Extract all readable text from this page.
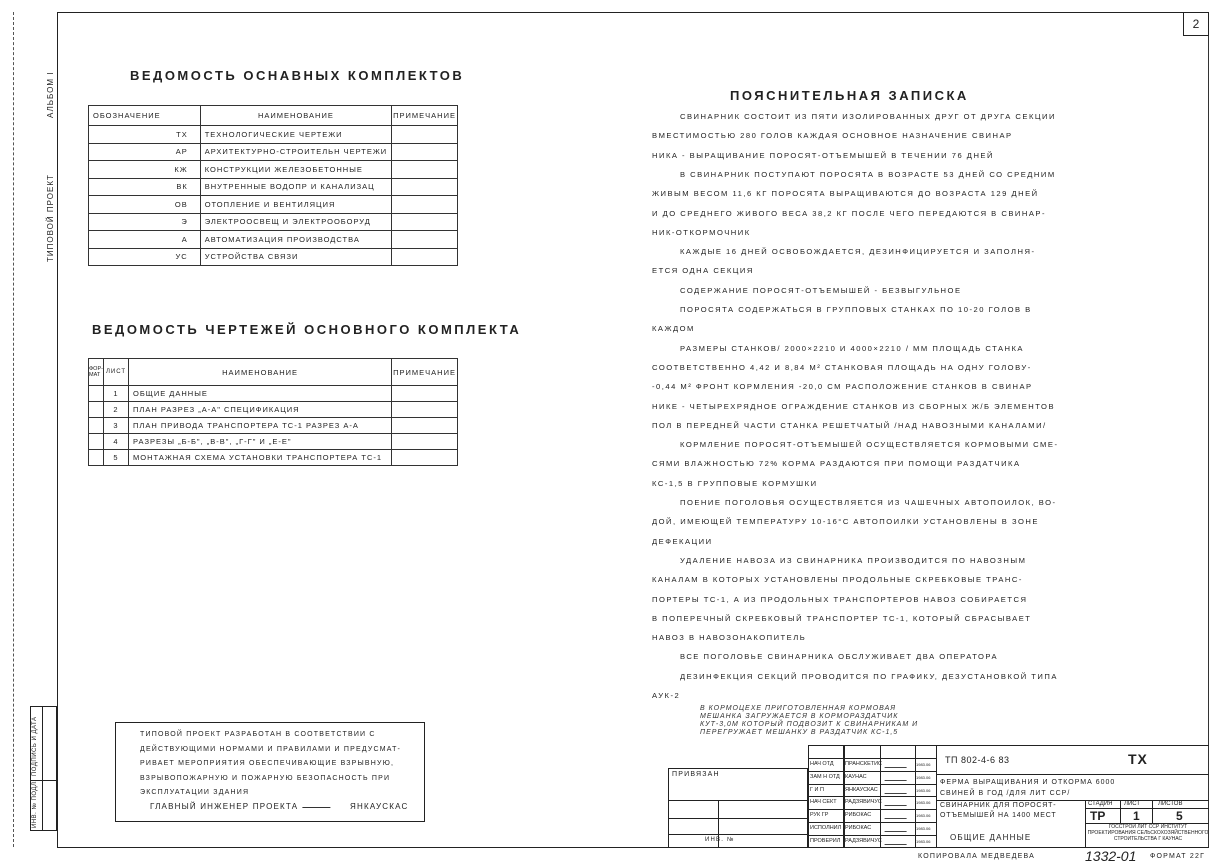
2
АЛЬБОМ I
ТИПОВОЙ ПРОЕКТ
ПОДПИСЬ И ДАТА
ИНВ. № ПОДЛ.
ВЕДОМОСТЬ ОСНАВНЫХ КОМПЛЕКТОВ
ОБОЗНАЧЕНИЕ	НАИМЕНОВАНИЕ	ПРИМЕЧАНИЕ
ТХ	ТЕХНОЛОГИЧЕСКИЕ ЧЕРТЕЖИ	
АР	АРХИТЕКТУРНО-СТРОИТЕЛЬН ЧЕРТЕЖИ	
КЖ	КОНСТРУКЦИИ ЖЕЛЕЗОБЕТОННЫЕ	
ВК	ВНУТРЕННЫЕ ВОДОПР И КАНАЛИЗАЦ	
ОВ	ОТОПЛЕНИЕ И ВЕНТИЛЯЦИЯ	
Э	ЭЛЕКТРООСВЕЩ И ЭЛЕКТРООБОРУД	
А	АВТОМАТИЗАЦИЯ ПРОИЗВОДСТВА	
УС	УСТРОЙСТВА СВЯЗИ	
ВЕДОМОСТЬ ЧЕРТЕЖЕЙ ОСНОВНОГО КОМПЛЕКТА
ФОР-МАТ	ЛИСТ	НАИМЕНОВАНИЕ	ПРИМЕЧАНИЕ
	1	ОБЩИЕ ДАННЫЕ	
	2	ПЛАН РАЗРЕЗ „А-А" СПЕЦИФИКАЦИЯ	
	3	ПЛАН ПРИВОДА ТРАНСПОРТЕРА ТС-1 РАЗРЕЗ А-А	
	4	РАЗРЕЗЫ „Б-Б", „В-В", „Г-Г" И „Е-Е"	
	5	МОНТАЖНАЯ СХЕМА УСТАНОВКИ ТРАНСПОРТЕРА ТС-1	
ПОЯСНИТЕЛЬНАЯ ЗАПИСКА
СВИНАРНИК СОСТОИТ ИЗ ПЯТИ ИЗОЛИРОВАННЫХ ДРУГ ОТ ДРУГА СЕКЦИИ
ВМЕСТИМОСТЬЮ 280 ГОЛОВ КАЖДАЯ ОСНОВНОЕ НАЗНАЧЕНИЕ СВИНАР
НИКА - ВЫРАЩИВАНИЕ ПОРОСЯТ-ОТЪЕМЫШЕЙ В ТЕЧЕНИИ 76 ДНЕЙ
В СВИНАРНИК ПОСТУПАЮТ ПОРОСЯТА В ВОЗРАСТЕ 53 ДНЕЙ СО СРЕДНИМ
ЖИВЫМ ВЕСОМ 11,6 КГ ПОРОСЯТА ВЫРАЩИВАЮТСЯ ДО ВОЗРАСТА 129 ДНЕЙ
И ДО СРЕДНЕГО ЖИВОГО ВЕСА 38,2 КГ ПОСЛЕ ЧЕГО ПЕРЕДАЮТСЯ В СВИНАР-
НИК-ОТКОРМОЧНИК
КАЖДЫЕ 16 ДНЕЙ ОСВОБОЖДАЕТСЯ, ДЕЗИНФИЦИРУЕТСЯ И ЗАПОЛНЯ-
ЕТСЯ ОДНА СЕКЦИЯ
СОДЕРЖАНИЕ ПОРОСЯТ-ОТЪЕМЫШЕЙ - БЕЗВЫГУЛЬНОЕ
ПОРОСЯТА СОДЕРЖАТЬСЯ В ГРУППОВЫХ СТАНКАХ ПО 10-20 ГОЛОВ В
КАЖДОМ
РАЗМЕРЫ СТАНКОВ/ 2000×2210 И 4000×2210 / ММ ПЛОЩАДЬ СТАНКА
СООТВЕТСТВЕННО 4,42 И 8,84 М² СТАНКОВАЯ ПЛОЩАДЬ НА ОДНУ ГОЛОВУ-
-0,44 М² ФРОНТ КОРМЛЕНИЯ -20,0 СМ РАСПОЛОЖЕНИЕ СТАНКОВ В СВИНАР
НИКЕ - ЧЕТЫРЕХРЯДНОЕ ОГРАЖДЕНИЕ СТАНКОВ ИЗ СБОРНЫХ Ж/Б ЭЛЕМЕНТОВ
ПОЛ В ПЕРЕДНЕЙ ЧАСТИ СТАНКА РЕШЕТЧАТЫЙ /НАД НАВОЗНЫМИ КАНАЛАМИ/
КОРМЛЕНИЕ ПОРОСЯТ-ОТЪЕМЫШЕЙ ОСУЩЕСТВЛЯЕТСЯ КОРМОВЫМИ СМЕ-
СЯМИ ВЛАЖНОСТЬЮ 72% КОРМА РАЗДАЮТСЯ ПРИ ПОМОЩИ РАЗДАТЧИКА
КС-1,5 В ГРУППОВЫЕ КОРМУШКИ
ПОЕНИЕ ПОГОЛОВЬЯ ОСУЩЕСТВЛЯЕТСЯ ИЗ ЧАШЕЧНЫХ АВТОПОИЛОК, ВО-
ДОЙ, ИМЕЮЩЕЙ ТЕМПЕРАТУРУ 10-16°С АВТОПОИЛКИ УСТАНОВЛЕНЫ В ЗОНЕ
ДЕФЕКАЦИИ
УДАЛЕНИЕ НАВОЗА ИЗ СВИНАРНИКА ПРОИЗВОДИТСЯ ПО НАВОЗНЫМ
КАНАЛАМ В КОТОРЫХ УСТАНОВЛЕНЫ ПРОДОЛЬНЫЕ СКРЕБКОВЫЕ ТРАНС-
ПОРТЕРЫ ТС-1, А ИЗ ПРОДОЛЬНЫХ ТРАНСПОРТЕРОВ НАВОЗ СОБИРАЕТСЯ
В ПОПЕРЕЧНЫЙ СКРЕБКОВЫЙ ТРАНСПОРТЕР ТС-1, КОТОРЫЙ СБРАСЫВАЕТ
НАВОЗ В НАВОЗОНАКОПИТЕЛЬ
ВСЕ ПОГОЛОВЬЕ СВИНАРНИКА ОБСЛУЖИВАЕТ ДВА ОПЕРАТОРА
ДЕЗИНФЕКЦИЯ СЕКЦИЙ ПРОВОДИТСЯ ПО ГРАФИКУ, ДЕЗУСТАНОВКОЙ ТИПА
АУК-2
В КОРМОЦЕХЕ ПРИГОТОВЛЕННАЯ КОРМОВАЯ МЕШАНКА ЗАГРУЖАЕТСЯ В КОРМОРАЗДАТЧИК КУТ-3,0М КОТОРЫЙ ПОДВОЗИТ К СВИНАРНИКАМ И ПЕРЕГРУЖАЕТ МЕШАНКУ В РАЗДАТЧИК КС-1,5
ТИПОВОЙ ПРОЕКТ РАЗРАБОТАН В СООТВЕТСТВИИ С
ДЕЙСТВУЮЩИМИ НОРМАМИ И ПРАВИЛАМИ И ПРЕДУСМАТ-
РИВАЕТ МЕРОПРИЯТИЯ ОБЕСПЕЧИВАЮЩИЕ ВЗРЫВНУЮ,
ВЗРЫВОПОЖАРНУЮ И ПОЖАРНУЮ БЕЗОПАСНОСТЬ ПРИ
ЭКСПЛУАТАЦИИ ЗДАНИЯ
ГЛАВНЫЙ ИНЖЕНЕР ПРОЕКТА	ЯНКАУСКАС
ПРИВЯЗАН
ИНВ. №
НАЧ ОТД ПРАНСКЕТИС	1983.06
ЗАМ Н ОТД КАУНАС	1983.06
Г И П	ЯНКАУСКАС	1983.06
НАЧ СЕКТ РАДЗЯВИЧУС	1983.06
РУК ГР	РИБОКАС	1983.06
ИСПОЛНИЛ РИБОКАС	1983.06
ПРОВЕРИЛ РАДЗЯВИЧУС	1983.06
ТП 802-4-6 83	ТХ
ФЕРМА ВЫРАЩИВАНИЯ И ОТКОРМА 6000 СВИНЕЙ В ГОД /ДЛЯ ЛИТ ССР/
СВИНАРНИК ДЛЯ ПОРОСЯТ-ОТЪЕМЫШЕЙ НА 1400 МЕСТ
ОБЩИЕ ДАННЫЕ
СТАДИЯ ЛИСТ	ЛИСТОВ
ТР 1	5
ГОССТРОЙ ЛИТ ССР ИНСТИТУТ ПРОЕКТИРОВАНИЯ СЕЛЬСКОХОЗЯЙСТВЕННОГО СТРОИТЕЛЬСТВА Г КАУНАС
КОПИРОВАЛА МЕДВЕДЕВА	1332-01 ФОРМАТ 22Г
